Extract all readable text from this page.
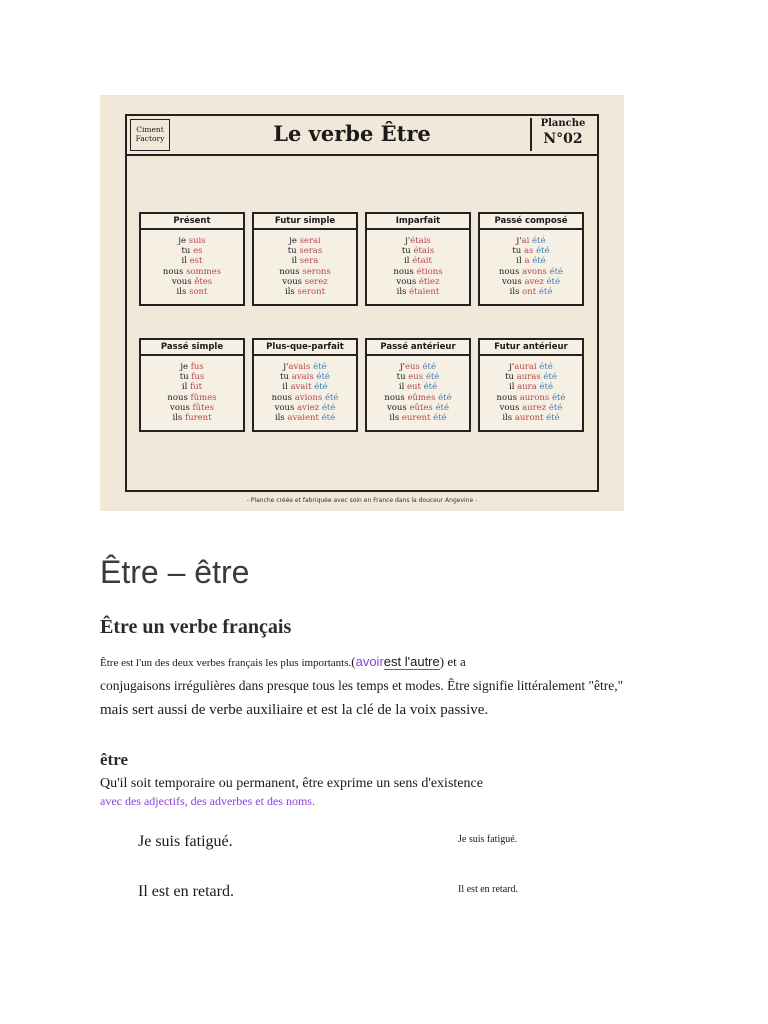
Ciment
Factory	Le verbe Être	Planche
N°02
Présent
je suis
tu es
il est
nous sommes
vous êtes
ils sont
Futur simple
je serai
tu seras
il sera
nous serons
vous serez
ils seront
Imparfait
j'étais
tu étais
il était
nous étions
vous étiez
ils étaient
Passé composé
j'ai été
tu as été
il a été
nous avons été
vous avez été
ils ont été
Passé simple
je fus
tu fus
il fut
nous fûmes
vous fûtes
ils furent
Plus-que-parfait
j'avais été
tu avais été
il avait été
nous avions été
vous aviez été
ils avaient été
Passé antérieur
j'eus été
tu eus été
il eut été
nous eûmes été
vous eûtes été
ils eurent été
Futur antérieur
j'aurai été
tu auras été
il aura été
nous aurons été
vous aurez été
ils auront été
- Planche créée et fabriquée avec soin en France dans la douceur Angevine -
Être – être
Être un verbe français
Être est l'un des deux verbes français les plus importants.(avoirest l'autre) et a
conjugaisons irrégulières dans presque tous les temps et modes. Être signifie littéralement "être,"
mais sert aussi de verbe auxiliaire et est la clé de la voix passive.
être
Qu'il soit temporaire ou permanent, être exprime un sens d'existence
avec des adjectifs, des adverbes et des noms.
Je suis fatigué.	Je suis fatigué.
Il est en retard.	Il est en retard.
